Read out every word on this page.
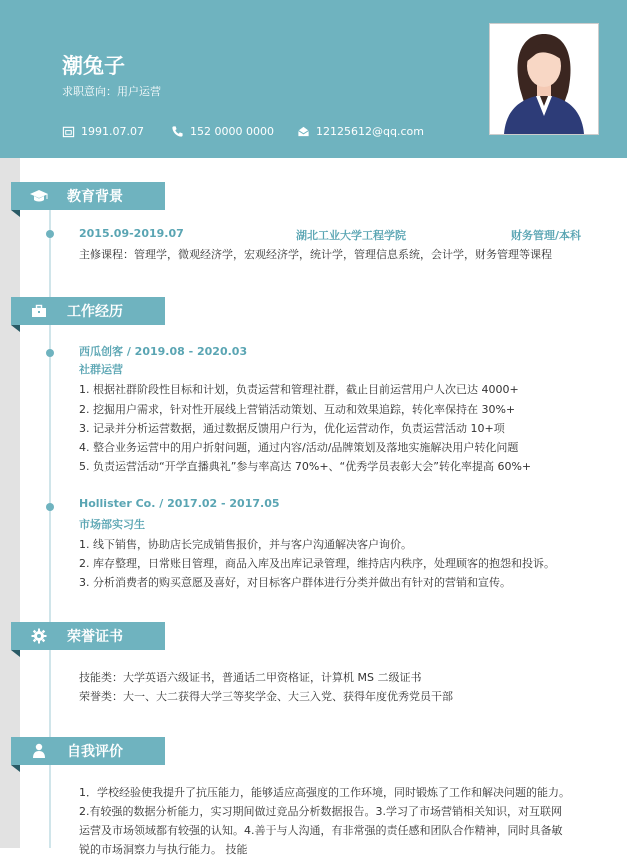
潮兔子
求职意向：用户运营
1991.07.07	152 0000 0000	12125612@qq.com
教育背景
2015.09-2019.07	湖北工业大学工程学院	财务管理/本科
主修课程：管理学，微观经济学，宏观经济学，统计学，管理信息系统，会计学，财务管理等课程
工作经历
西瓜创客 / 2019.08 - 2020.03
社群运营
1. 根据社群阶段性目标和计划，负责运营和管理社群，截止目前运营用户人次已达 4000+
2. 挖掘用户需求，针对性开展线上营销活动策划、互动和效果追踪，转化率保持在 30%+
3. 记录并分析运营数据，通过数据反馈用户行为，优化运营动作，负责运营活动 10+项
4. 整合业务运营中的用户折射问题，通过内容/活动/品牌策划及落地实施解决用户转化问题
5. 负责运营活动“开学直播典礼”参与率高达 70%+、“优秀学员表彰大会”转化率提高 60%+
Hollister Co. / 2017.02 - 2017.05
市场部实习生
1. 线下销售，协助店长完成销售报价，并与客户沟通解决客户询价。
2. 库存整理，日常账目管理，商品入库及出库记录管理，维持店内秩序，处理顾客的抱怨和投诉。
3. 分析消费者的购买意愿及喜好，对目标客户群体进行分类并做出有针对的营销和宣传。
荣誉证书
技能类：大学英语六级证书，普通话二甲资格证，计算机 MS 二级证书
荣誉类：大一、大二获得大学三等奖学金、大三入党、获得年度优秀党员干部
自我评价
1．学校经验使我提升了抗压能力，能够适应高强度的工作环境，同时锻炼了工作和解决问题的能力。
2.有较强的数据分析能力，实习期间做过竞品分析数据报告。3.学习了市场营销相关知识，对互联网
运营及市场领域都有较强的认知。4.善于与人沟通，有非常强的责任感和团队合作精神，同时具备敏
锐的市场洞察力与执行能力。 技能
